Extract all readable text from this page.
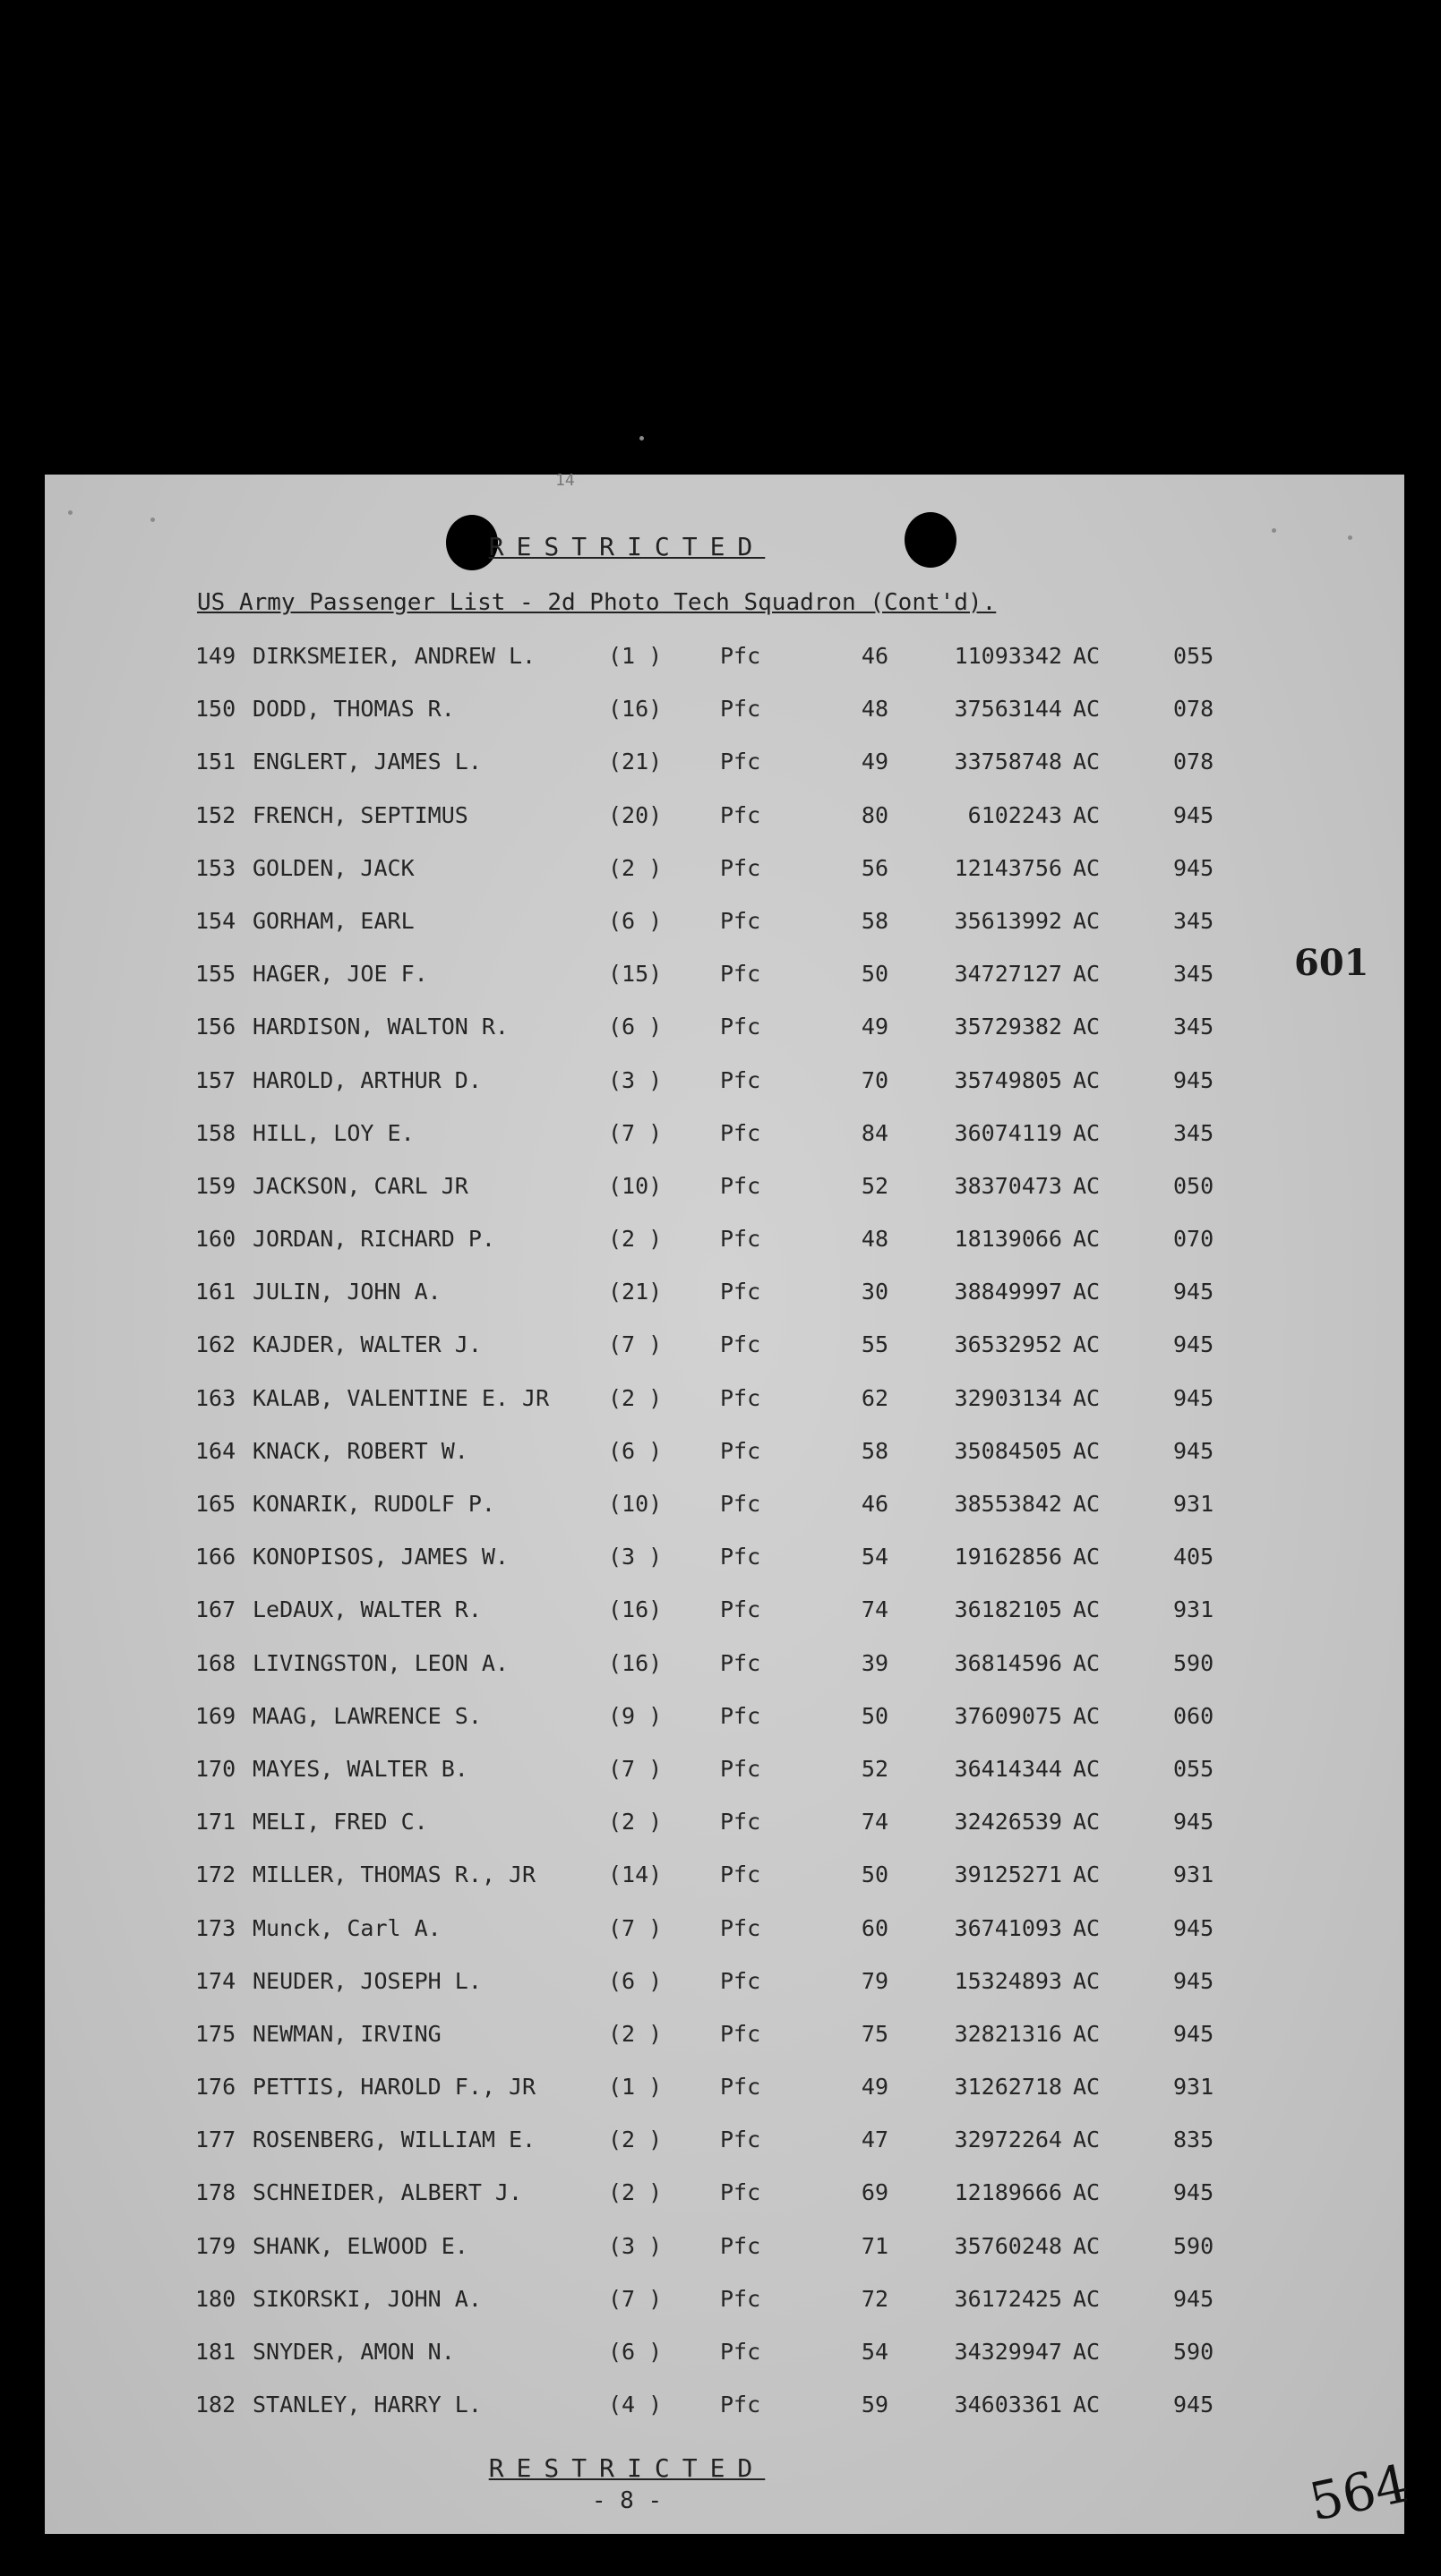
14
RESTRICTED
US Army Passenger List - 2d Photo Tech Squadron (Cont'd).
149 DIRKSMEIER, ANDREW L.	(1 )	Pfc	46	11093342 AC	055
150 DODD, THOMAS R.	(16)	Pfc	48	37563144 AC	078
151 ENGLERT, JAMES L.	(21)	Pfc	49	33758748 AC	078
152 FRENCH, SEPTIMUS	(20)	Pfc	80	6102243 AC	945
153 GOLDEN, JACK	(2 )	Pfc	56	12143756 AC	945
154 GORHAM, EARL	(6 )	Pfc	58	35613992 AC	345
155 HAGER, JOE F.	(15)	Pfc	50	34727127 AC	345
156 HARDISON, WALTON R.	(6 )	Pfc	49	35729382 AC	345
157 HAROLD, ARTHUR D.	(3 )	Pfc	70	35749805 AC	945
158 HILL, LOY E.	(7 )	Pfc	84	36074119 AC	345
159 JACKSON, CARL JR	(10)	Pfc	52	38370473 AC	050
160 JORDAN, RICHARD P.	(2 )	Pfc	48	18139066 AC	070
161 JULIN, JOHN A.	(21)	Pfc	30	38849997 AC	945
162 KAJDER, WALTER J.	(7 )	Pfc	55	36532952 AC	945
163 KALAB, VALENTINE E. JR	(2 )	Pfc	62	32903134 AC	945
164 KNACK, ROBERT W.	(6 )	Pfc	58	35084505 AC	945
165 KONARIK, RUDOLF P.	(10)	Pfc	46	38553842 AC	931
166 KONOPISOS, JAMES W.	(3 )	Pfc	54	19162856 AC	405
167 LeDAUX, WALTER R.	(16)	Pfc	74	36182105 AC	931
168 LIVINGSTON, LEON A.	(16)	Pfc	39	36814596 AC	590
169 MAAG, LAWRENCE S.	(9 )	Pfc	50	37609075 AC	060
170 MAYES, WALTER B.	(7 )	Pfc	52	36414344 AC	055
171 MELI, FRED C.	(2 )	Pfc	74	32426539 AC	945
172 MILLER, THOMAS R., JR	(14)	Pfc	50	39125271 AC	931
173 Munck, Carl A.	(7 )	Pfc	60	36741093 AC	945
174 NEUDER, JOSEPH L.	(6 )	Pfc	79	15324893 AC	945
175 NEWMAN, IRVING	(2 )	Pfc	75	32821316 AC	945
176 PETTIS, HAROLD F., JR	(1 )	Pfc	49	31262718 AC	931
177 ROSENBERG, WILLIAM E.	(2 )	Pfc	47	32972264 AC	835
178 SCHNEIDER, ALBERT J.	(2 )	Pfc	69	12189666 AC	945
179 SHANK, ELWOOD E.	(3 )	Pfc	71	35760248 AC	590
180 SIKORSKI, JOHN A.	(7 )	Pfc	72	36172425 AC	945
181 SNYDER, AMON N.	(6 )	Pfc	54	34329947 AC	590
182 STANLEY, HARRY L.	(4 )	Pfc	59	34603361 AC	945
601
RESTRICTED
- 8 -	564
